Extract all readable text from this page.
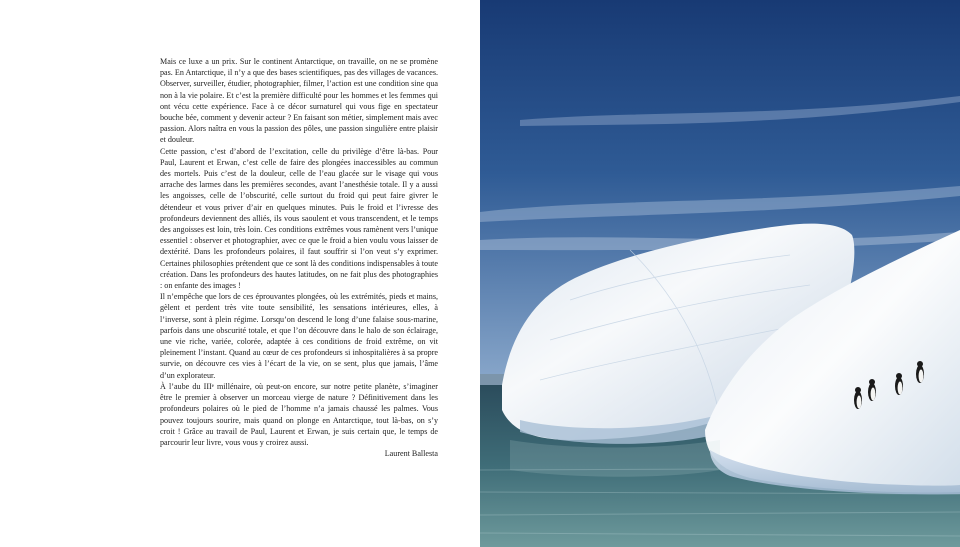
Mais ce luxe a un prix. Sur le continent Antarctique, on travaille, on ne se promène pas. En Antarctique, il n’y a que des bases scientifiques, pas des villages de vacances. Observer, surveiller, étudier, photographier, filmer, l’action est une condition sine qua non à la vie polaire. Et c’est la première difficulté pour les hommes et les femmes qui ont vécu cette expérience. Face à ce décor surnaturel qui vous fige en spectateur bouche bée, comment y devenir acteur ? En faisant son métier, simplement mais avec passion. Alors naîtra en vous la passion des pôles, une passion singulière entre plaisir et douleur.

Cette passion, c’est d’abord de l’excitation, celle du privilège d’être là-bas. Pour Paul, Laurent et Erwan, c’est celle de faire des plongées inaccessibles au commun des mortels. Puis c’est de la douleur, celle de l’eau glacée sur le visage qui vous arrache des larmes dans les premières secondes, avant l’anesthésie totale. Il y a aussi les angoisses, celle de l’obscurité, celle surtout du froid qui peut faire givrer le détendeur et vous priver d’air en quelques minutes. Puis le froid et l’ivresse des profondeurs deviennent des alliés, ils vous saoulent et vous transcendent, et le temps des angoisses est loin, très loin. Ces conditions extrêmes vous ramènent vers l’unique essentiel : observer et photographier, avec ce que le froid a bien voulu vous laisser de dextérité. Dans les profondeurs polaires, il faut souffrir si l’on veut s’y exprimer. Certaines philosophies prétendent que ce sont là des conditions indispensables à toute création. Dans les profondeurs des hautes latitudes, on ne fait plus des photographies : on enfante des images !

Il n’empêche que lors de ces éprouvantes plongées, où les extrémités, pieds et mains, gèlent et perdent très vite toute sensibilité, les sensations intérieures, elles, à l’inverse, sont à plein régime. Lorsqu’on descend le long d’une falaise sous-marine, parfois dans une obscurité totale, et que l’on découvre dans le halo de son éclairage, une vie riche, variée, colorée, adaptée à ces conditions de froid extrême, on vit pleinement l’instant. Quand au cœur de ces profondeurs si inhospitalières à sa propre survie, on découvre ces vies à l’écart de la vie, on se sent, plus que jamais, l’âme d’un explorateur.

À l’aube du IIIᵉ millénaire, où peut-on encore, sur notre petite planète, s’imaginer être le premier à observer un morceau vierge de nature ? Définitivement dans les profondeurs polaires où le pied de l’homme n’a jamais chaussé les palmes. Vous pouvez toujours sourire, mais quand on plonge en Antarctique, tout là-bas, on s’y croit ! Grâce au travail de Paul, Laurent et Erwan, je suis certain que, le temps de parcourir leur livre, vous vous y croirez aussi.

Laurent Ballesta
